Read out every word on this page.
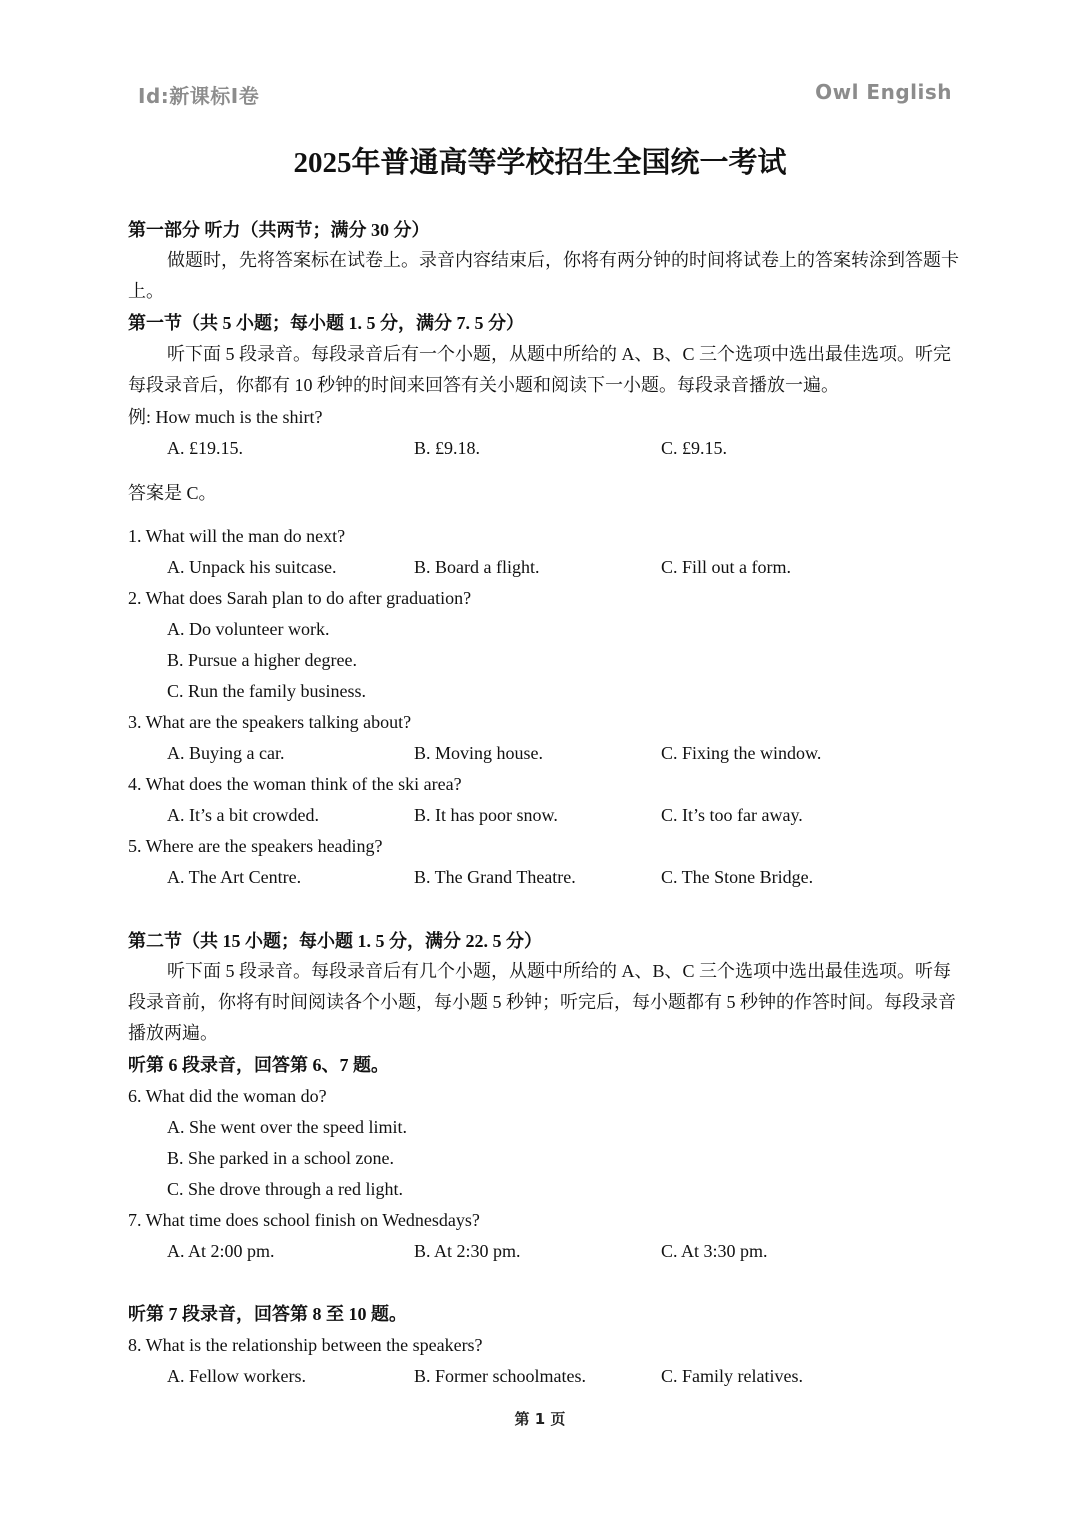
Id:新课标I卷	Owl English
2025年普通高等学校招生全国统一考试
第一部分 听力（共两节；满分 30 分）
做题时，先将答案标在试卷上。录音内容结束后，你将有两分钟的时间将试卷上的答案转涂到答题卡上。
第一节（共 5 小题；每小题 1. 5 分，满分 7. 5 分）
听下面 5 段录音。每段录音后有一个小题，从题中所给的 A、B、C 三个选项中选出最佳选项。听完每段录音后，你都有 10 秒钟的时间来回答有关小题和阅读下一小题。每段录音播放一遍。
例: How much is the shirt?
A. £19.15.	B. £9.18.	C. £9.15.
答案是 C。
1. What will the man do next?
A. Unpack his suitcase.	B. Board a flight.	C. Fill out a form.
2. What does Sarah plan to do after graduation?
A. Do volunteer work.
B. Pursue a higher degree.
C. Run the family business.
3. What are the speakers talking about?
A. Buying a car.	B. Moving house.	C. Fixing the window.
4. What does the woman think of the ski area?
A. It’s a bit crowded.	B. It has poor snow.	C. It’s too far away.
5. Where are the speakers heading?
A. The Art Centre.	B. The Grand Theatre.	C. The Stone Bridge.
第二节（共 15 小题；每小题 1. 5 分，满分 22. 5 分）
听下面 5 段录音。每段录音后有几个小题，从题中所给的 A、B、C 三个选项中选出最佳选项。听每段录音前，你将有时间阅读各个小题，每小题 5 秒钟；听完后，每小题都有 5 秒钟的作答时间。每段录音播放两遍。
听第 6 段录音，回答第 6、7 题。
6. What did the woman do?
A. She went over the speed limit.
B. She parked in a school zone.
C. She drove through a red light.
7. What time does school finish on Wednesdays?
A. At 2:00 pm.	B. At 2:30 pm.	C. At 3:30 pm.
听第 7 段录音，回答第 8 至 10 题。
8. What is the relationship between the speakers?
A. Fellow workers.	B. Former schoolmates.	C. Family relatives.
第 1 页
